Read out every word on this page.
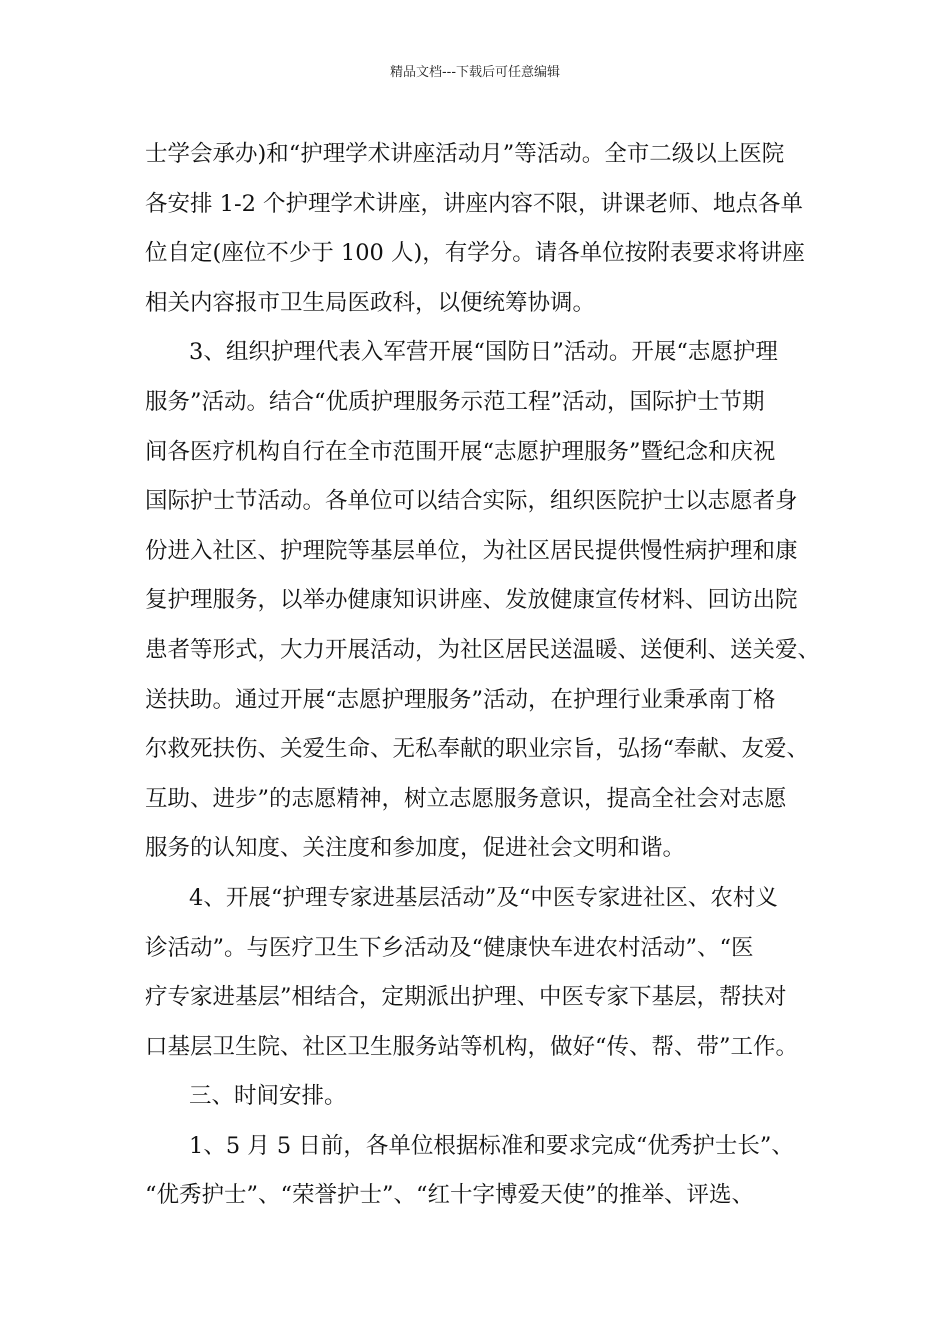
精品文档---下载后可任意编辑
士学会承办)和“护理学术讲座活动月”等活动。全市二级以上医院
各安排 1-2 个护理学术讲座，讲座内容不限，讲课老师、地点各单
位自定(座位不少于 100 人)，有学分。请各单位按附表要求将讲座
相关内容报市卫生局医政科，以便统筹协调。
3、组织护理代表入军营开展“国防日”活动。开展“志愿护理
服务”活动。结合“优质护理服务示范工程”活动，国际护士节期
间各医疗机构自行在全市范围开展“志愿护理服务”暨纪念和庆祝
国际护士节活动。各单位可以结合实际，组织医院护士以志愿者身
份进入社区、护理院等基层单位，为社区居民提供慢性病护理和康
复护理服务，以举办健康知识讲座、发放健康宣传材料、回访出院
患者等形式，大力开展活动，为社区居民送温暖、送便利、送关爱、
送扶助。通过开展“志愿护理服务”活动，在护理行业秉承南丁格
尔救死扶伤、关爱生命、无私奉献的职业宗旨，弘扬“奉献、友爱、
互助、进步”的志愿精神，树立志愿服务意识，提高全社会对志愿
服务的认知度、关注度和参加度，促进社会文明和谐。
4、开展“护理专家进基层活动”及“中医专家进社区、农村义
诊活动”。与医疗卫生下乡活动及“健康快车进农村活动”、“医
疗专家进基层”相结合，定期派出护理、中医专家下基层，帮扶对
口基层卫生院、社区卫生服务站等机构，做好“传、帮、带”工作。
三、时间安排。
1、5 月 5 日前，各单位根据标准和要求完成“优秀护士长”、
“优秀护士”、“荣誉护士”、“红十字博爱天使”的推举、评选、
